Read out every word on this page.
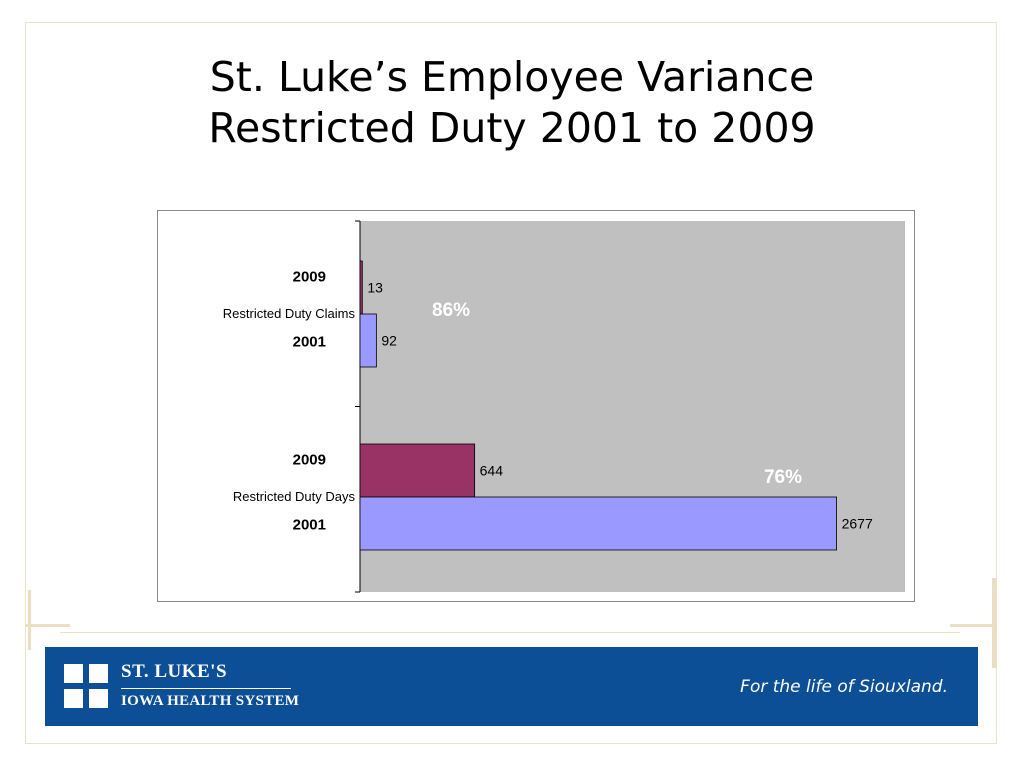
St. Luke’s Employee Variance
Restricted Duty 2001 to 2009
13
2009
92
2001
Restricted Duty Claims	86%
644
2009
2677
2001
Restricted Duty Days
76%
ST. LUKE'S
IOWA HEALTH SYSTEM
For the life of Siouxland.
